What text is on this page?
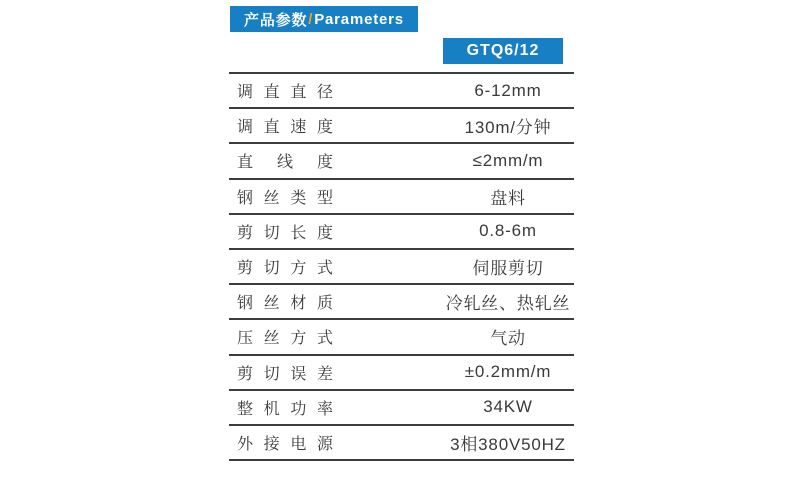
产品参数 / Parameters
GTQ6/12
调直直径	6-12mm
调直速度	130m/分钟
直线度	≤2mm/m
钢丝类型	盘料
剪切长度	0.8-6m
剪切方式	伺服剪切
钢丝材质	冷轧丝、热轧丝
压丝方式	气动
剪切误差	±0.2mm/m
整机功率	34KW
外接电源	3相380V50HZ
